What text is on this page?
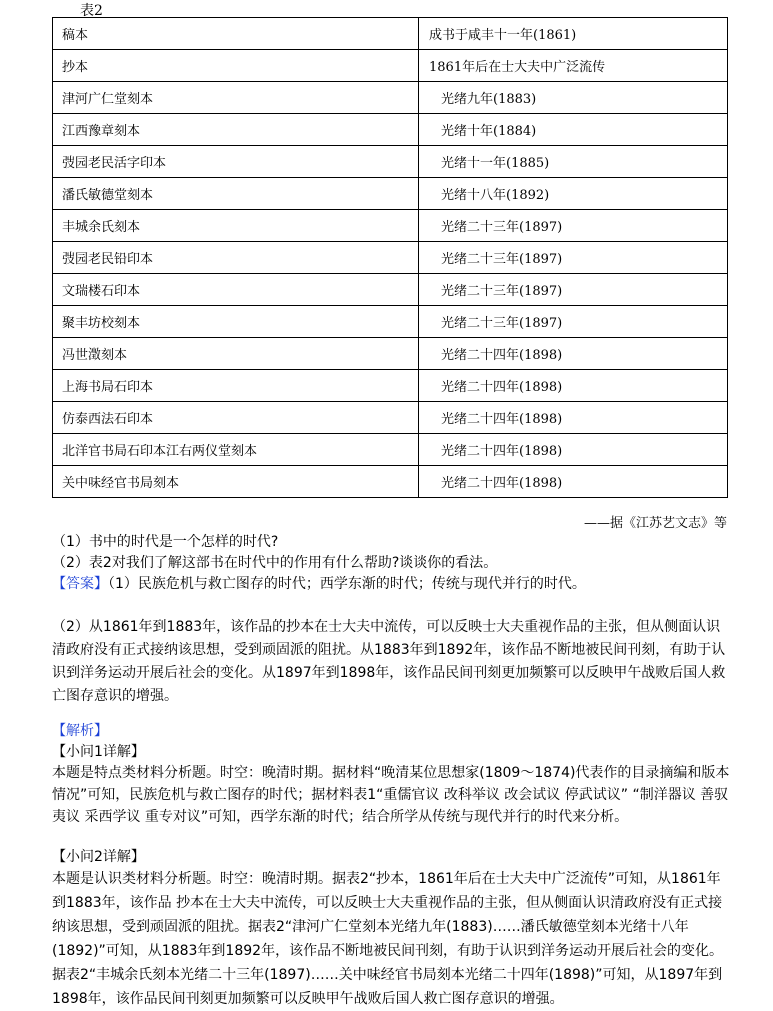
表2
稿本	成书于咸丰十一年(1861)
抄本	1861年后在士大夫中广泛流传
津河广仁堂刻本	光绪九年(1883)
江西豫章刻本	光绪十年(1884)
弢园老民活字印本	光绪十一年(1885)
潘氏敏德堂刻本	光绪十八年(1892)
丰城余氏刻本	光绪二十三年(1897)
弢园老民铅印本	光绪二十三年(1897)
文瑞楼石印本	光绪二十三年(1897)
聚丰坊校刻本	光绪二十三年(1897)
冯世澂刻本	光绪二十四年(1898)
上海书局石印本	光绪二十四年(1898)
仿泰西法石印本	光绪二十四年(1898)
北洋官书局石印本江右两仪堂刻本	光绪二十四年(1898)
关中味经官书局刻本	光绪二十四年(1898)
——据《江苏艺文志》等
（1）书中的时代是一个怎样的时代?
（2）表2对我们了解这部书在时代中的作用有什么帮助?谈谈你的看法。
【答案】（1）民族危机与救亡图存的时代；西学东渐的时代；传统与现代并行的时代。
（2）从1861年到1883年，该作品的抄本在士大夫中流传，可以反映士大夫重视作品的主张，但从侧面认识清政府没有正式接纳该思想，受到顽固派的阻扰。从1883年到1892年，该作品不断地被民间刊刻，有助于认识到洋务运动开展后社会的变化。从1897年到1898年，该作品民间刊刻更加频繁可以反映甲午战败后国人救亡图存意识的增强。
【解析】
【小问1详解】
本题是特点类材料分析题。时空：晚清时期。据材料“晚清某位思想家(1809～1874)代表作的目录摘编和版本情况”可知，民族危机与救亡图存的时代；据材料表1“重儒官议 改科举议 改会试议 停武试议” “制洋器议 善驭夷议 采西学议 重专对议”可知，西学东渐的时代；结合所学从传统与现代并行的时代来分析。
【小问2详解】
本题是认识类材料分析题。时空：晚清时期。据表2“抄本，1861年后在士大夫中广泛流传”可知，从1861年到1883年，该作品 抄本在士大夫中流传，可以反映士大夫重视作品的主张，但从侧面认识清政府没有正式接纳该思想，受到顽固派的阻扰。据表2“津河广仁堂刻本光绪九年(1883)……潘氏敏德堂刻本光绪十八年(1892)”可知，从1883年到1892年，该作品不断地被民间刊刻，有助于认识到洋务运动开展后社会的变化。据表2“丰城余氏刻本光绪二十三年(1897)……关中味经官书局刻本光绪二十四年(1898)”可知，从1897年到1898年，该作品民间刊刻更加频繁可以反映甲午战败后国人救亡图存意识的增强。
